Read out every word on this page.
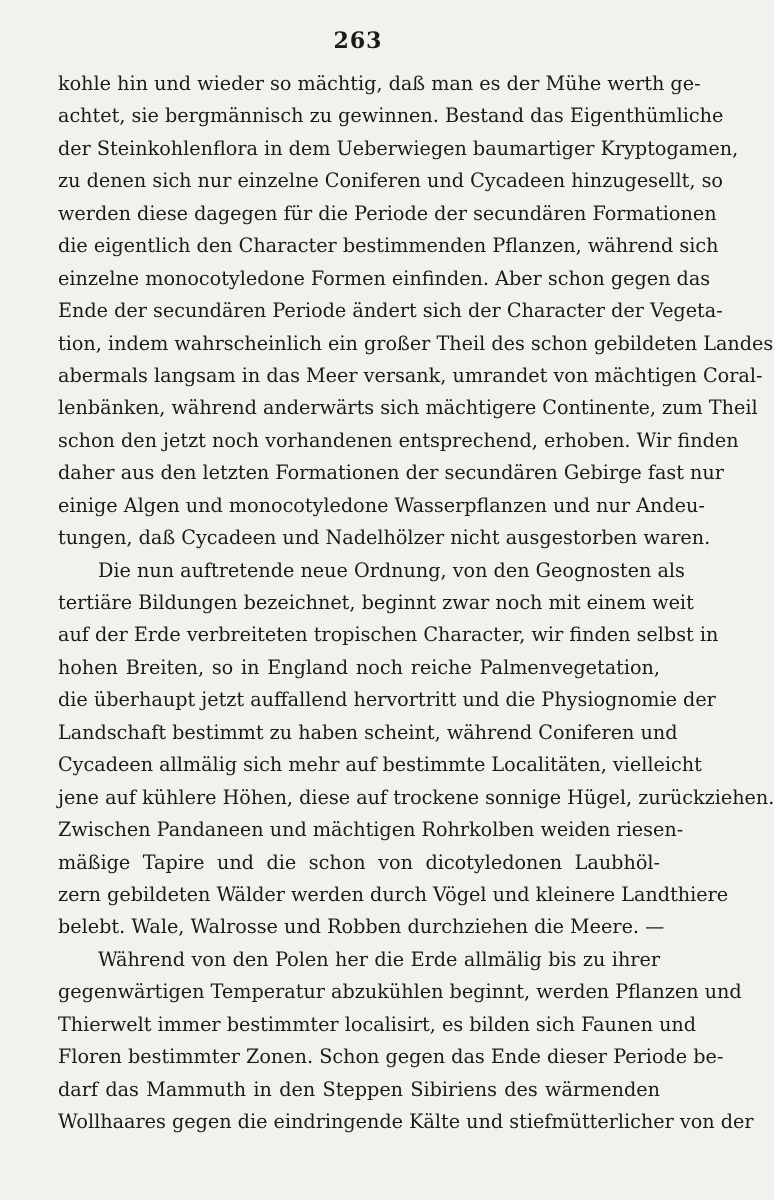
263
kohle hin und wieder so mächtig, daß man es der Mühe werth ge-
achtet, sie bergmännisch zu gewinnen. Bestand das Eigenthümliche
der Steinkohlenflora in dem Ueberwiegen baumartiger Kryptogamen,
zu denen sich nur einzelne Coniferen und Cycadeen hinzugesellt, so
werden diese dagegen für die Periode der secundären Formationen
die eigentlich den Character bestimmenden Pflanzen, während sich
einzelne monocotyledone Formen einfinden. Aber schon gegen das
Ende der secundären Periode ändert sich der Character der Vegeta-
tion, indem wahrscheinlich ein großer Theil des schon gebildeten Landes
abermals langsam in das Meer versank, umrandet von mächtigen Coral-
lenbänken, während anderwärts sich mächtigere Continente, zum Theil
schon den jetzt noch vorhandenen entsprechend, erhoben. Wir finden
daher aus den letzten Formationen der secundären Gebirge fast nur
einige Algen und monocotyledone Wasserpflanzen und nur Andeu-
tungen, daß Cycadeen und Nadelhölzer nicht ausgestorben waren.
Die nun auftretende neue Ordnung, von den Geognosten als
tertiäre Bildungen bezeichnet, beginnt zwar noch mit einem weit
auf der Erde verbreiteten tropischen Character, wir finden selbst in
hohen Breiten, so in England noch reiche Palmenvegetation,
die überhaupt jetzt auffallend hervortritt und die Physiognomie der
Landschaft bestimmt zu haben scheint, während Coniferen und
Cycadeen allmälig sich mehr auf bestimmte Localitäten, vielleicht
jene auf kühlere Höhen, diese auf trockene sonnige Hügel, zurückziehen.
Zwischen Pandaneen und mächtigen Rohrkolben weiden riesen-
mäßige Tapire und die schon von dicotyledonen Laubhöl-
zern gebildeten Wälder werden durch Vögel und kleinere Landthiere
belebt. Wale, Walrosse und Robben durchziehen die Meere. —
Während von den Polen her die Erde allmälig bis zu ihrer
gegenwärtigen Temperatur abzukühlen beginnt, werden Pflanzen und
Thierwelt immer bestimmter localisirt, es bilden sich Faunen und
Floren bestimmter Zonen. Schon gegen das Ende dieser Periode be-
darf das Mammuth in den Steppen Sibiriens des wärmenden
Wollhaares gegen die eindringende Kälte und stiefmütterlicher von der
